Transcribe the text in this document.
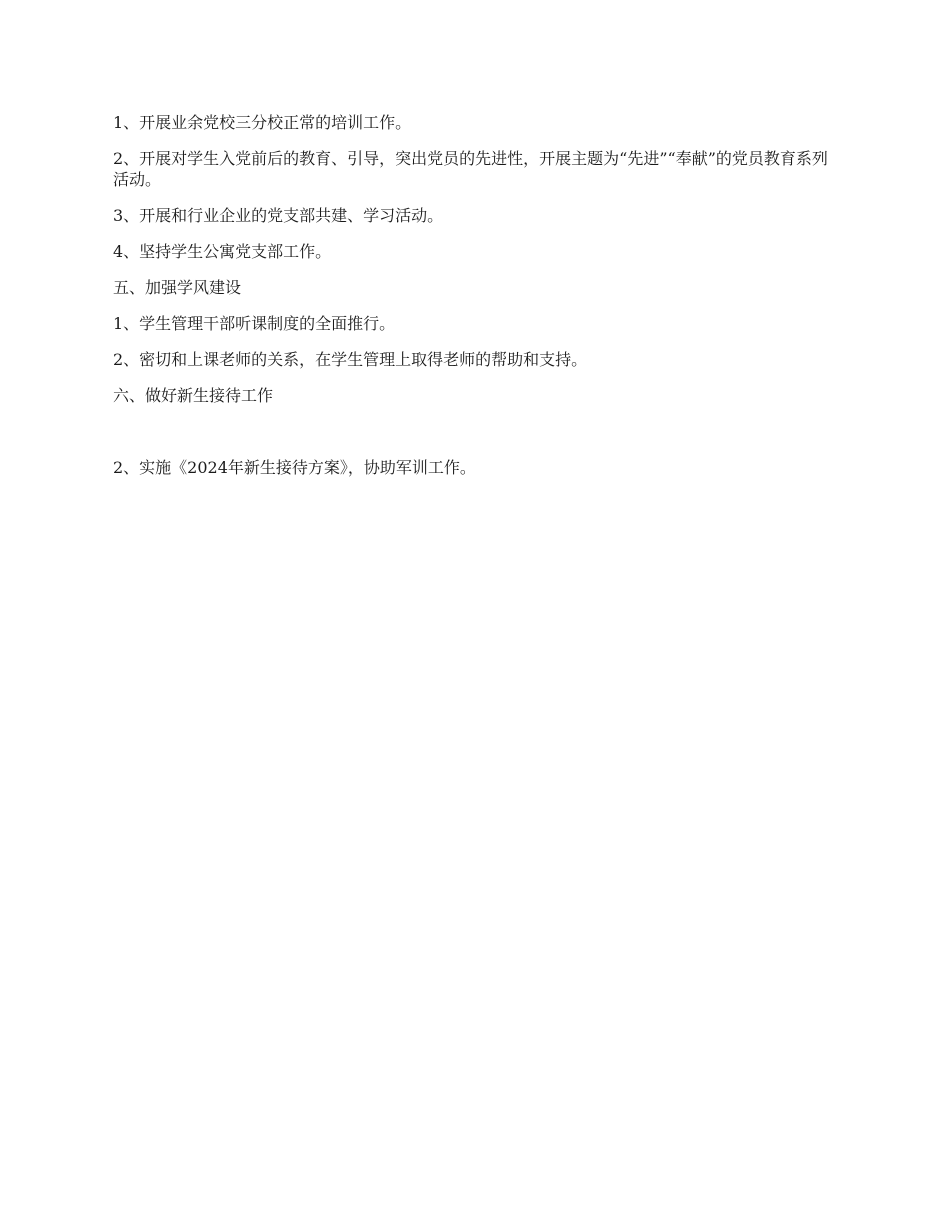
1、开展业余党校三分校正常的培训工作。

2、开展对学生入党前后的教育、引导，突出党员的先进性，开展主题为“先进”“奉献”的党员教育系列活动。

3、开展和行业企业的党支部共建、学习活动。

4、坚持学生公寓党支部工作。

五、加强学风建设

1、学生管理干部听课制度的全面推行。

2、密切和上课老师的关系，在学生管理上取得老师的帮助和支持。

六、做好新生接待工作

2、实施《2024年新生接待方案》，协助军训工作。
